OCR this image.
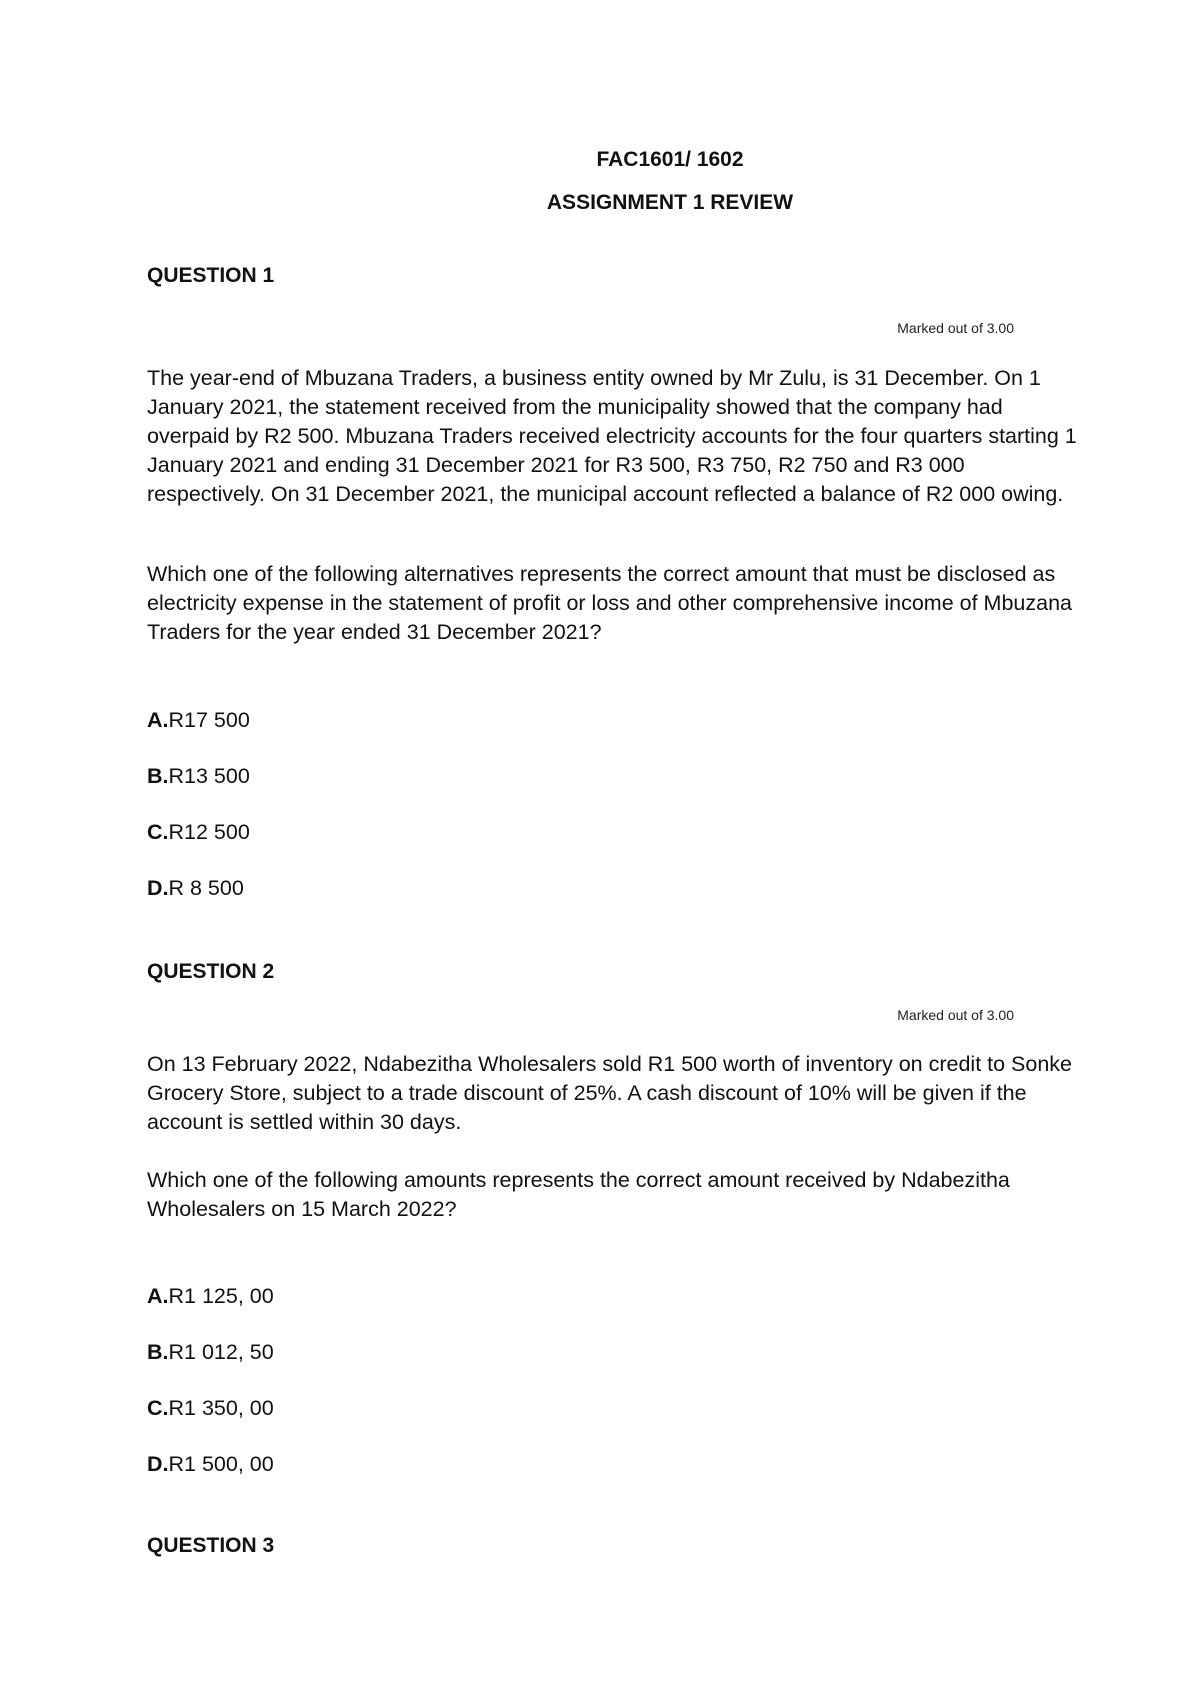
FAC1601/ 1602
ASSIGNMENT 1 REVIEW
QUESTION 1
Marked out of 3.00
The year-end of Mbuzana Traders, a business entity owned by Mr Zulu, is 31 December. On 1 January 2021, the statement received from the municipality showed that the company had overpaid by R2 500. Mbuzana Traders received electricity accounts for the four quarters starting 1 January 2021 and ending 31 December 2021 for R3 500, R3 750, R2 750 and R3 000 respectively. On 31 December 2021, the municipal account reflected a balance of R2 000 owing.
Which one of the following alternatives represents the correct amount that must be disclosed as electricity expense in the statement of profit or loss and other comprehensive income of Mbuzana Traders for the year ended 31 December 2021?
A.R17 500
B.R13 500
C.R12 500
D.R 8 500
QUESTION 2
Marked out of 3.00
On 13 February 2022, Ndabezitha Wholesalers sold R1 500 worth of inventory on credit to Sonke Grocery Store, subject to a trade discount of 25%. A cash discount of 10% will be given if the account is settled within 30 days.
Which one of the following amounts represents the correct amount received by Ndabezitha Wholesalers on 15 March 2022?
A.R1 125, 00
B.R1 012, 50
C.R1 350, 00
D.R1 500, 00
QUESTION 3
